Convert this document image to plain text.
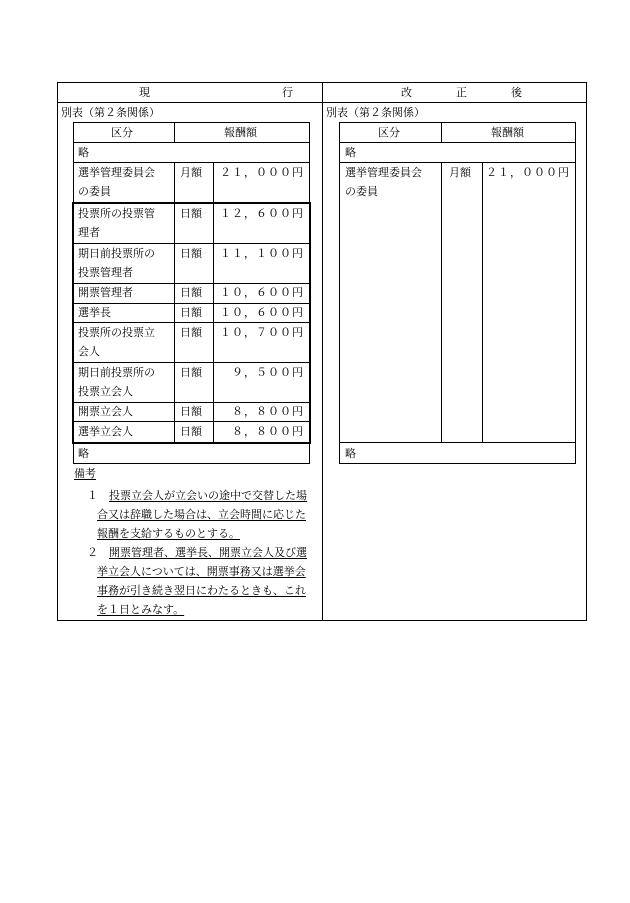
現　　　　　　　　　　　　行	改　　　　正　　　　後
別表（第２条関係）
区分	報酬額
略
選挙管理委員会
の委員
月額	２１，０００円
投票所の投票管
理者
日額	１２，６００円
期日前投票所の
投票管理者
日額	１１，１００円
開票管理者	日額	１０，６００円
選挙長	日額	１０，６００円
投票所の投票立
会人
日額	１０，７００円
期日前投票所の
投票立会人
日額	９，５００円
開票立会人	日額	８，８００円
選挙立会人	日額	８，８００円
略
備考
１ 投票立会人が立会いの途中で交替した場
合又は辞職した場合は、立会時間に応じた
報酬を支給するものとする。
２ 開票管理者、選挙長、開票立会人及び選
挙立会人については、開票事務又は選挙会
事務が引き続き翌日にわたるときも、これ
を１日とみなす。
別表（第２条関係）
区分	報酬額
略
選挙管理委員会
の委員
月額	２１，０００円
略
